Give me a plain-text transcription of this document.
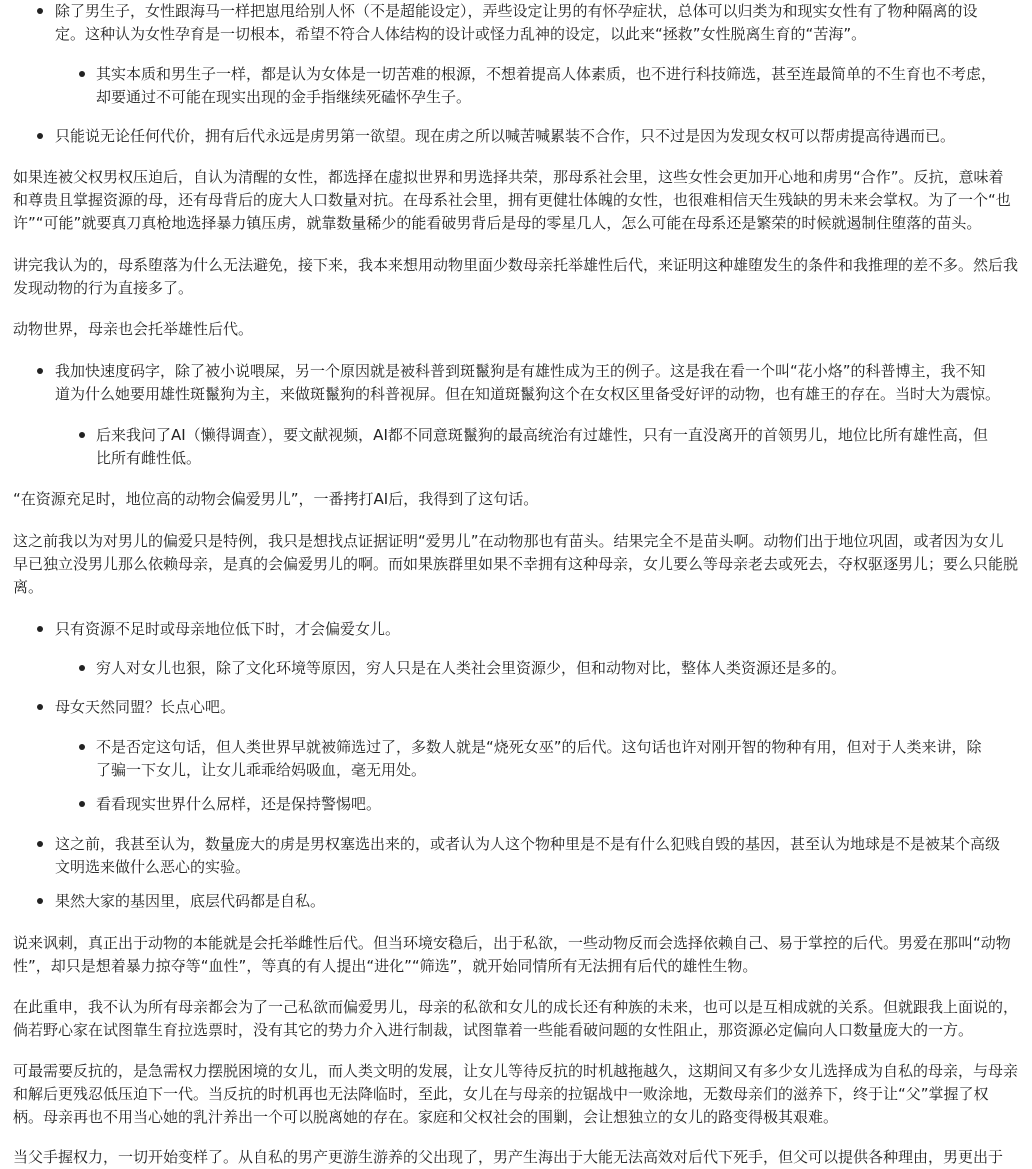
除了男生子，女性跟海马一样把崽甩给别人怀（不是超能设定），弄些设定让男的有怀孕症状，总体可以归类为和现实女性有了物种隔离的设定。这种认为女性孕育是一切根本，希望不符合人体结构的设计或怪力乱神的设定，以此来“拯救”女性脱离生育的“苦海”。

其实本质和男生子一样，都是认为女体是一切苦难的根源，不想着提高人体素质，也不进行科技筛选，甚至连最简单的不生育也不考虑，却要通过不可能在现实出现的金手指继续死磕怀孕生子。

只能说无论任何代价，拥有后代永远是虏男第一欲望。现在虏之所以喊苦喊累装不合作，只不过是因为发现女权可以帮虏提高待遇而已。

如果连被父权男权压迫后，自认为清醒的女性，都选择在虚拟世界和男选择共荣，那母系社会里，这些女性会更加开心地和虏男“合作”。反抗，意味着和尊贵且掌握资源的母，还有母背后的庞大人口数量对抗。在母系社会里，拥有更健壮体魄的女性，也很难相信天生残缺的男未来会掌权。为了一个“也许”“可能”就要真刀真枪地选择暴力镇压虏，就靠数量稀少的能看破男背后是母的零星几人，怎么可能在母系还是繁荣的时候就遏制住堕落的苗头。

讲完我认为的，母系堕落为什么无法避免，接下来，我本来想用动物里面少数母亲托举雄性后代，来证明这种雄堕发生的条件和我推理的差不多。然后我发现动物的行为直接多了。

动物世界，母亲也会托举雄性后代。

我加快速度码字，除了被小说喂屎，另一个原因就是被科普到斑鬣狗是有雄性成为王的例子。这是我在看一个叫“花小烙”的科普博主，我不知道为什么她要用雄性斑鬣狗为主，来做斑鬣狗的科普视屏。但在知道斑鬣狗这个在女权区里备受好评的动物，也有雄王的存在。当时大为震惊。

后来我问了AI（懒得调查），要文献视频，AI都不同意斑鬣狗的最高统治有过雄性，只有一直没离开的首领男儿，地位比所有雄性高，但比所有雌性低。

“在资源充足时，地位高的动物会偏爱男儿”，一番拷打AI后，我得到了这句话。

这之前我以为对男儿的偏爱只是特例，我只是想找点证据证明“爱男儿”在动物那也有苗头。结果完全不是苗头啊。动物们出于地位巩固，或者因为女儿早已独立没男儿那么依赖母亲，是真的会偏爱男儿的啊。而如果族群里如果不幸拥有这种母亲，女儿要么等母亲老去或死去，夺权驱逐男儿；要么只能脱离。

只有资源不足时或母亲地位低下时，才会偏爱女儿。

穷人对女儿也狠，除了文化环境等原因，穷人只是在人类社会里资源少，但和动物对比，整体人类资源还是多的。

母女天然同盟？长点心吧。

不是否定这句话，但人类世界早就被筛选过了，多数人就是“烧死女巫”的后代。这句话也许对刚开智的物种有用，但对于人类来讲，除了骗一下女儿，让女儿乖乖给妈吸血，毫无用处。

看看现实世界什么屌样，还是保持警惕吧。

这之前，我甚至认为，数量庞大的虏是男权塞选出来的，或者认为人这个物种里是不是有什么犯贱自毁的基因，甚至认为地球是不是被某个高级文明选来做什么恶心的实验。

果然大家的基因里，底层代码都是自私。

说来讽刺，真正出于动物的本能就是会托举雌性后代。但当环境安稳后，出于私欲，一些动物反而会选择依赖自己、易于掌控的后代。男爱在那叫“动物性”，却只是想着暴力掠夺等“血性”，等真的有人提出“进化”“筛选”，就开始同情所有无法拥有后代的雄性生物。

在此重申，我不认为所有母亲都会为了一己私欲而偏爱男儿，母亲的私欲和女儿的成长还有种族的未来，也可以是互相成就的关系。但就跟我上面说的，倘若野心家在试图靠生育拉选票时，没有其它的势力介入进行制裁，试图靠着一些能看破问题的女性阻止，那资源必定偏向人口数量庞大的一方。

可最需要反抗的，是急需权力摆脱困境的女儿，而人类文明的发展，让女儿等待反抗的时机越拖越久，这期间又有多少女儿选择成为自私的母亲，与母亲和解后更残忍低压迫下一代。当反抗的时机再也无法降临时，至此，女儿在与母亲的拉锯战中一败涂地，无数母亲们的滋养下，终于让“父”掌握了权柄。母亲再也不用当心她的乳汁养出一个可以脱离她的存在。家庭和父权社会的围剿，会让想独立的女儿的路变得极其艰难。

当父手握权力，一切开始变样了。从自私的男产更游生游养的父出现了，男产生海出于大能无法高效对后代下死手，但父可以提供各种理由，男更出于
